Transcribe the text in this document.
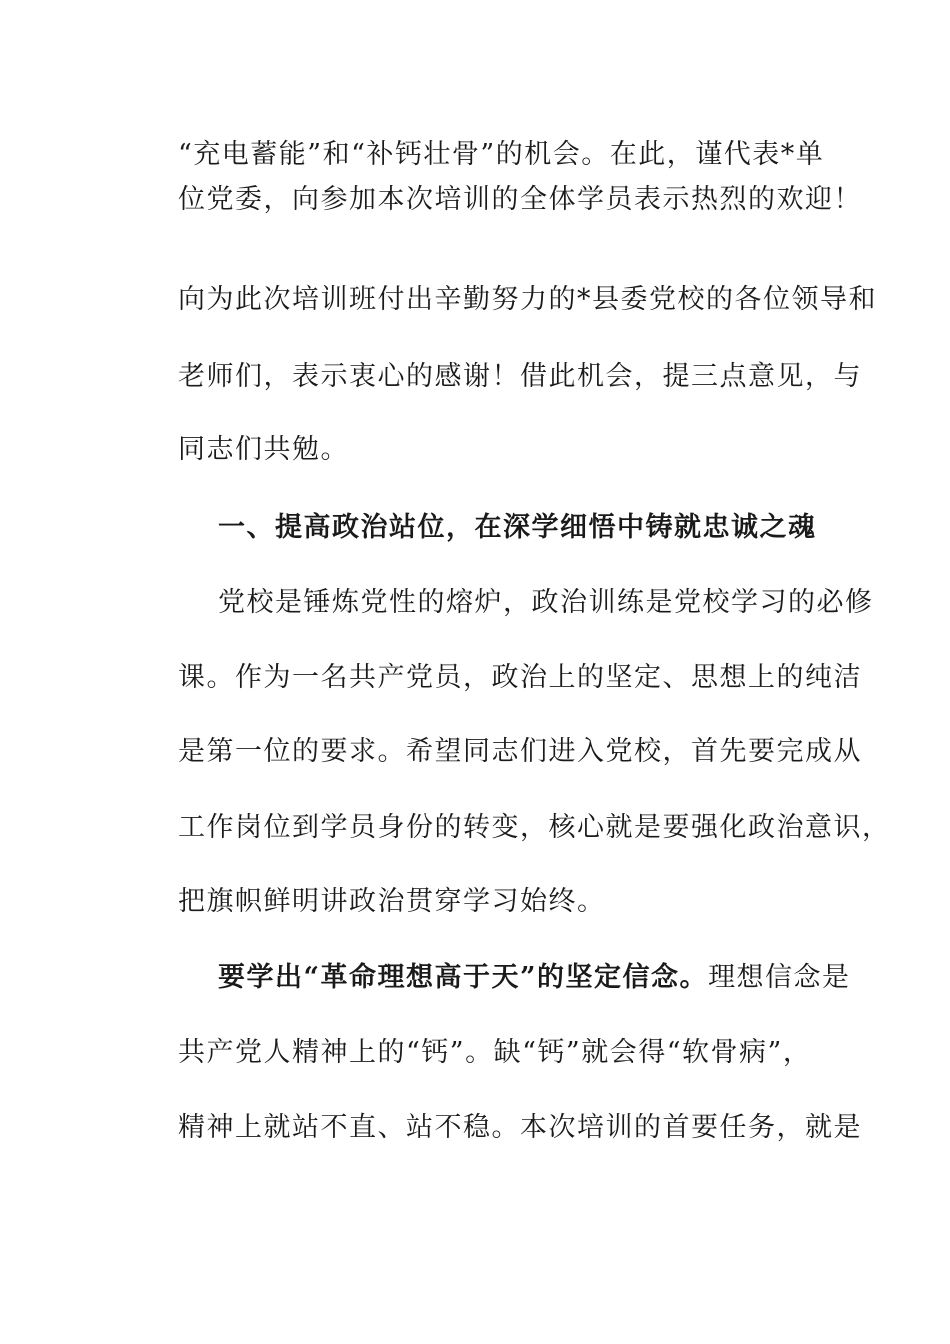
“充电蓄能”和“补钙壮骨”的机会。在此，谨代表*单
位党委，向参加本次培训的全体学员表示热烈的欢迎！
向为此次培训班付出辛勤努力的*县委党校的各位领导和
老师们，表示衷心的感谢！借此机会，提三点意见，与
同志们共勉。
一、提高政治站位，在深学细悟中铸就忠诚之魂
党校是锤炼党性的熔炉，政治训练是党校学习的必修
课。作为一名共产党员，政治上的坚定、思想上的纯洁
是第一位的要求。希望同志们进入党校，首先要完成从
工作岗位到学员身份的转变，核心就是要强化政治意识，
把旗帜鲜明讲政治贯穿学习始终。
要学出“革命理想高于天”的坚定信念。理想信念是
共产党人精神上的“钙”。缺“钙”就会得“软骨病”，
精神上就站不直、站不稳。本次培训的首要任务，就是
